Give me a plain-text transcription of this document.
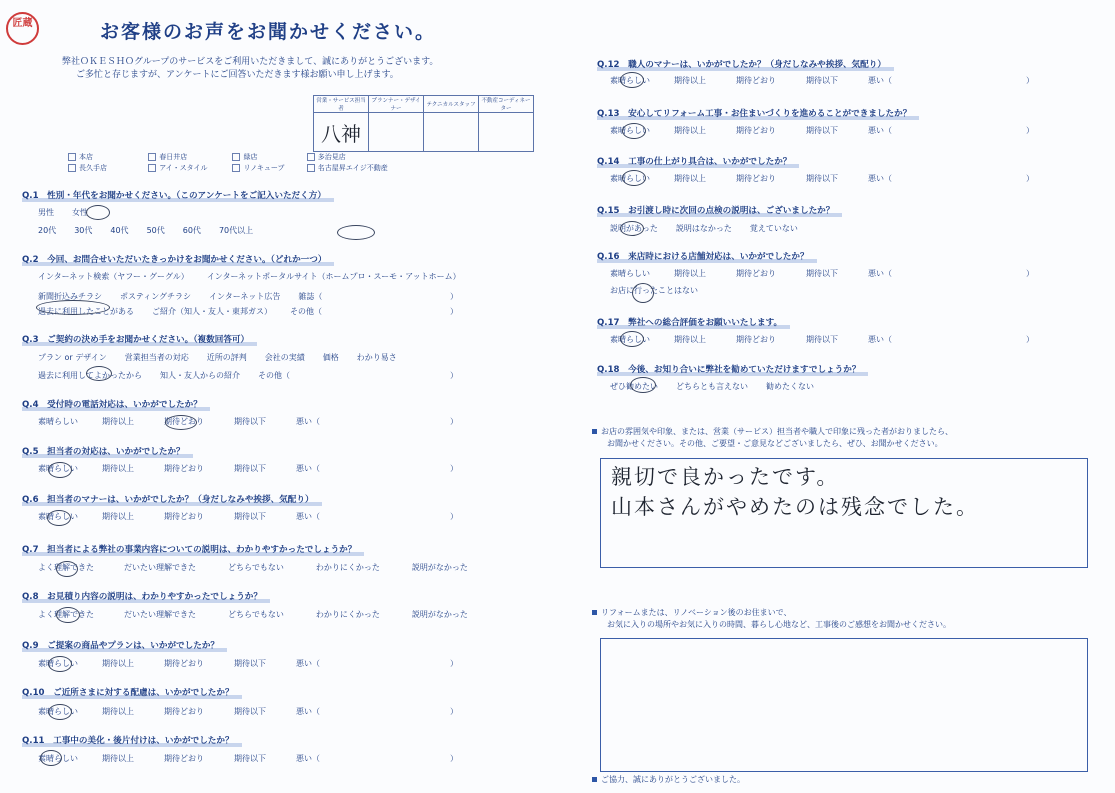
匠蔵	お客様のお声をお聞かせください。
弊社ＯＫＥＳＨＯグループのサービスをご利用いただきまして、誠にありがとうございます。
ご多忙と存じますが、アンケートにご回答いただきます様お願い申し上げます。
営業・サービス担当者	プランナー・デザイナー	テクニカルスタッフ	不動産コーディネーター
八神			
本店	春日井店	緑店	多治見店
長久手店	アイ・スタイル	リノキューブ	名古屋昇エイジ不動産
Q.1　性別・年代をお聞かせください。（このアンケートをご記入いただく方）
男性 女性
20代 30代 40代 50代 60代 70代以上
Q.2　今回、お問合せいただいたきっかけをお聞かせください。（どれか一つ）
インターネット検索（ヤフー・グーグル） インターネットポータルサイト（ホームプロ・スーモ・アットホーム）
新聞折込みチラシ ポスティングチラシ インターネット広告 雑誌（	）
過去に利用したことがある ご紹介（知人・友人・東邦ガス） その他（	）
Q.3　ご契約の決め手をお聞かせください。（複数回答可）
プラン or デザイン 営業担当者の対応 近所の評判 会社の実績 価格 わかり易さ
過去に利用してよかったから 知人・友人からの紹介 その他（	）
Q.4　受付時の電話対応は、いかがでしたか？
素晴らしい	期待以上	期待どおり	期待以下	悪い（	）
Q.5　担当者の対応は、いかがでしたか？
素晴らしい	期待以上	期待どおり	期待以下	悪い（	）
Q.6　担当者のマナーは、いかがでしたか？（身だしなみや挨拶、気配り）
素晴らしい	期待以上	期待どおり	期待以下	悪い（	）
Q.7　担当者による弊社の事業内容についての説明は、わかりやすかったでしょうか？
よく理解できた	だいたい理解できた	どちらでもない	わかりにくかった	説明がなかった
Q.8　お見積り内容の説明は、わかりやすかったでしょうか？
よく理解できた	だいたい理解できた	どちらでもない	わかりにくかった	説明がなかった
Q.9　ご提案の商品やプランは、いかがでしたか？
素晴らしい	期待以上	期待どおり	期待以下	悪い（	）
Q.10　ご近所さまに対する配慮は、いかがでしたか？
素晴らしい	期待以上	期待どおり	期待以下	悪い（	）
Q.11　工事中の美化・後片付けは、いかがでしたか？
素晴らしい	期待以上	期待どおり	期待以下	悪い（	）
Q.12　職人のマナーは、いかがでしたか？（身だしなみや挨拶、気配り）
素晴らしい	期待以上	期待どおり	期待以下	悪い（	）
Q.13　安心してリフォーム工事・お住まいづくりを進めることができましたか？
素晴らしい	期待以上	期待どおり	期待以下	悪い（	）
Q.14　工事の仕上がり具合は、いかがでしたか？
素晴らしい	期待以上	期待どおり	期待以下	悪い（	）
Q.15　お引渡し時に次回の点検の説明は、ございましたか？
説明があった 説明はなかった 覚えていない
Q.16　来店時における店舗対応は、いかがでしたか？
素晴らしい	期待以上	期待どおり	期待以下	悪い（	）
お店に行ったことはない
Q.17　弊社への総合評価をお願いいたします。
素晴らしい	期待以上	期待どおり	期待以下	悪い（	）
Q.18　今後、お知り合いに弊社を勧めていただけますでしょうか？
ぜひ勧めたい どちらとも言えない 勧めたくない
お店の雰囲気や印象、または、営業（サービス）担当者や職人で印象に残った者がおりましたら、
お聞かせください。その他、ご要望・ご意見などございましたら、ぜひ、お聞かせください。
親切で良かったです。
山本さんがやめたのは残念でした。
リフォームまたは、リノベーション後のお住まいで、
お気に入りの場所やお気に入りの時間、暮らし心地など、工事後のご感想をお聞かせください。
ご協力、誠にありがとうございました。
